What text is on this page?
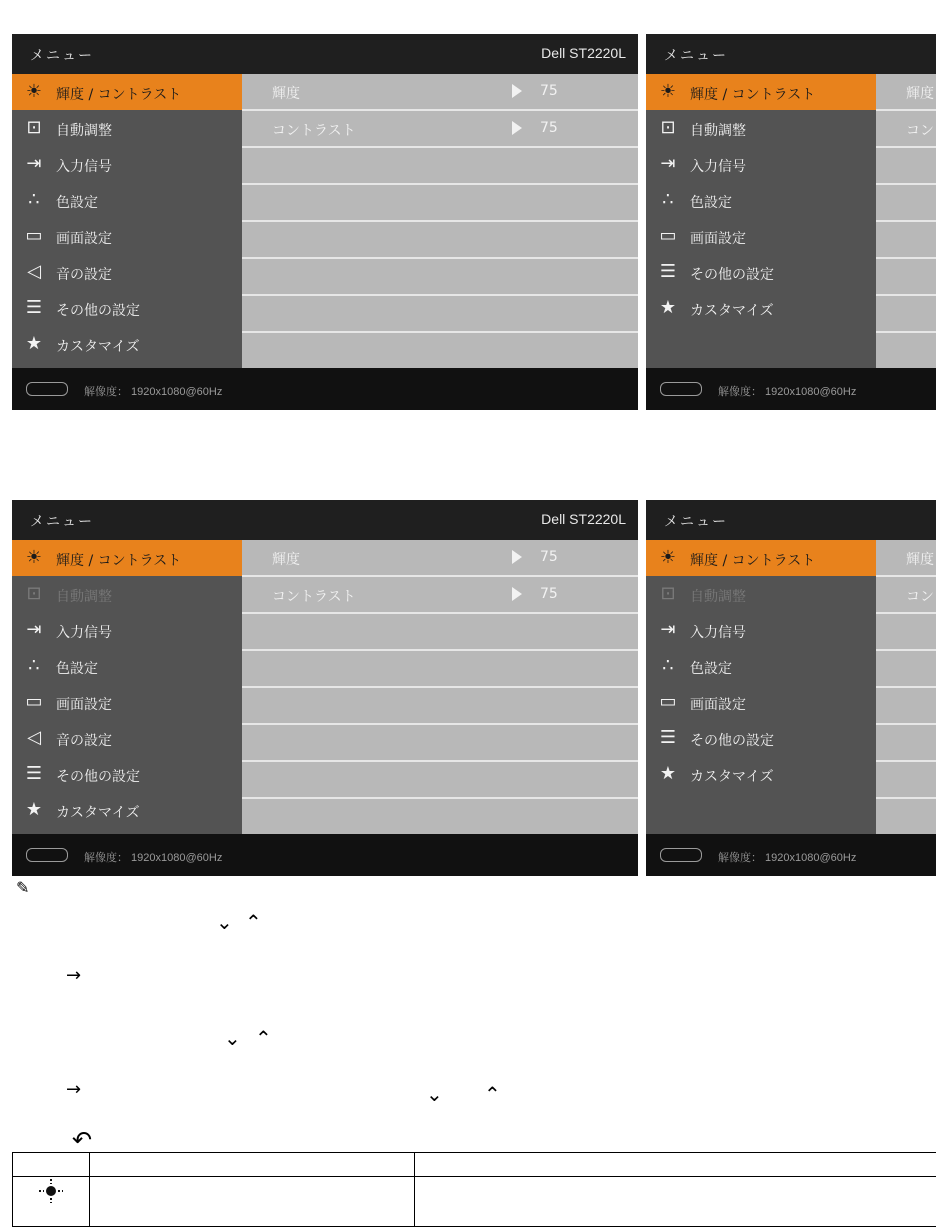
メニュー	Dell ST2220L
☀ 輝度 / コントラスト
⊡ 自動調整
⇥ 入力信号
∴	色設定
▭ 画面設定
◁ 音の設定
☰ その他の設定
★ カスタマイズ
輝度	75
コントラスト	75
解像度： 1920x1080@60Hz
メニュー
☀ 輝度 / コントラスト
⊡ 自動調整
⇥ 入力信号
∴	色設定
▭ 画面設定
☰ その他の設定
★ カスタマイズ
輝度
コン
解像度： 1920x1080@60Hz
メニュー	Dell ST2220L
☀ 輝度 / コントラスト
⊡ 自動調整
⇥ 入力信号
∴	色設定
▭ 画面設定
◁ 音の設定
☰ その他の設定
★ カスタマイズ
輝度	75
コントラスト	75
解像度： 1920x1080@60Hz
メニュー
☀ 輝度 / コントラスト
⊡ 自動調整
⇥ 入力信号
∴	色設定
▭ 画面設定
☰ その他の設定
★ カスタマイズ
輝度
コン
解像度： 1920x1080@60Hz
✎
⌄ ⌃
→
⌄ ⌃
→	⌄ ⌃
↶
